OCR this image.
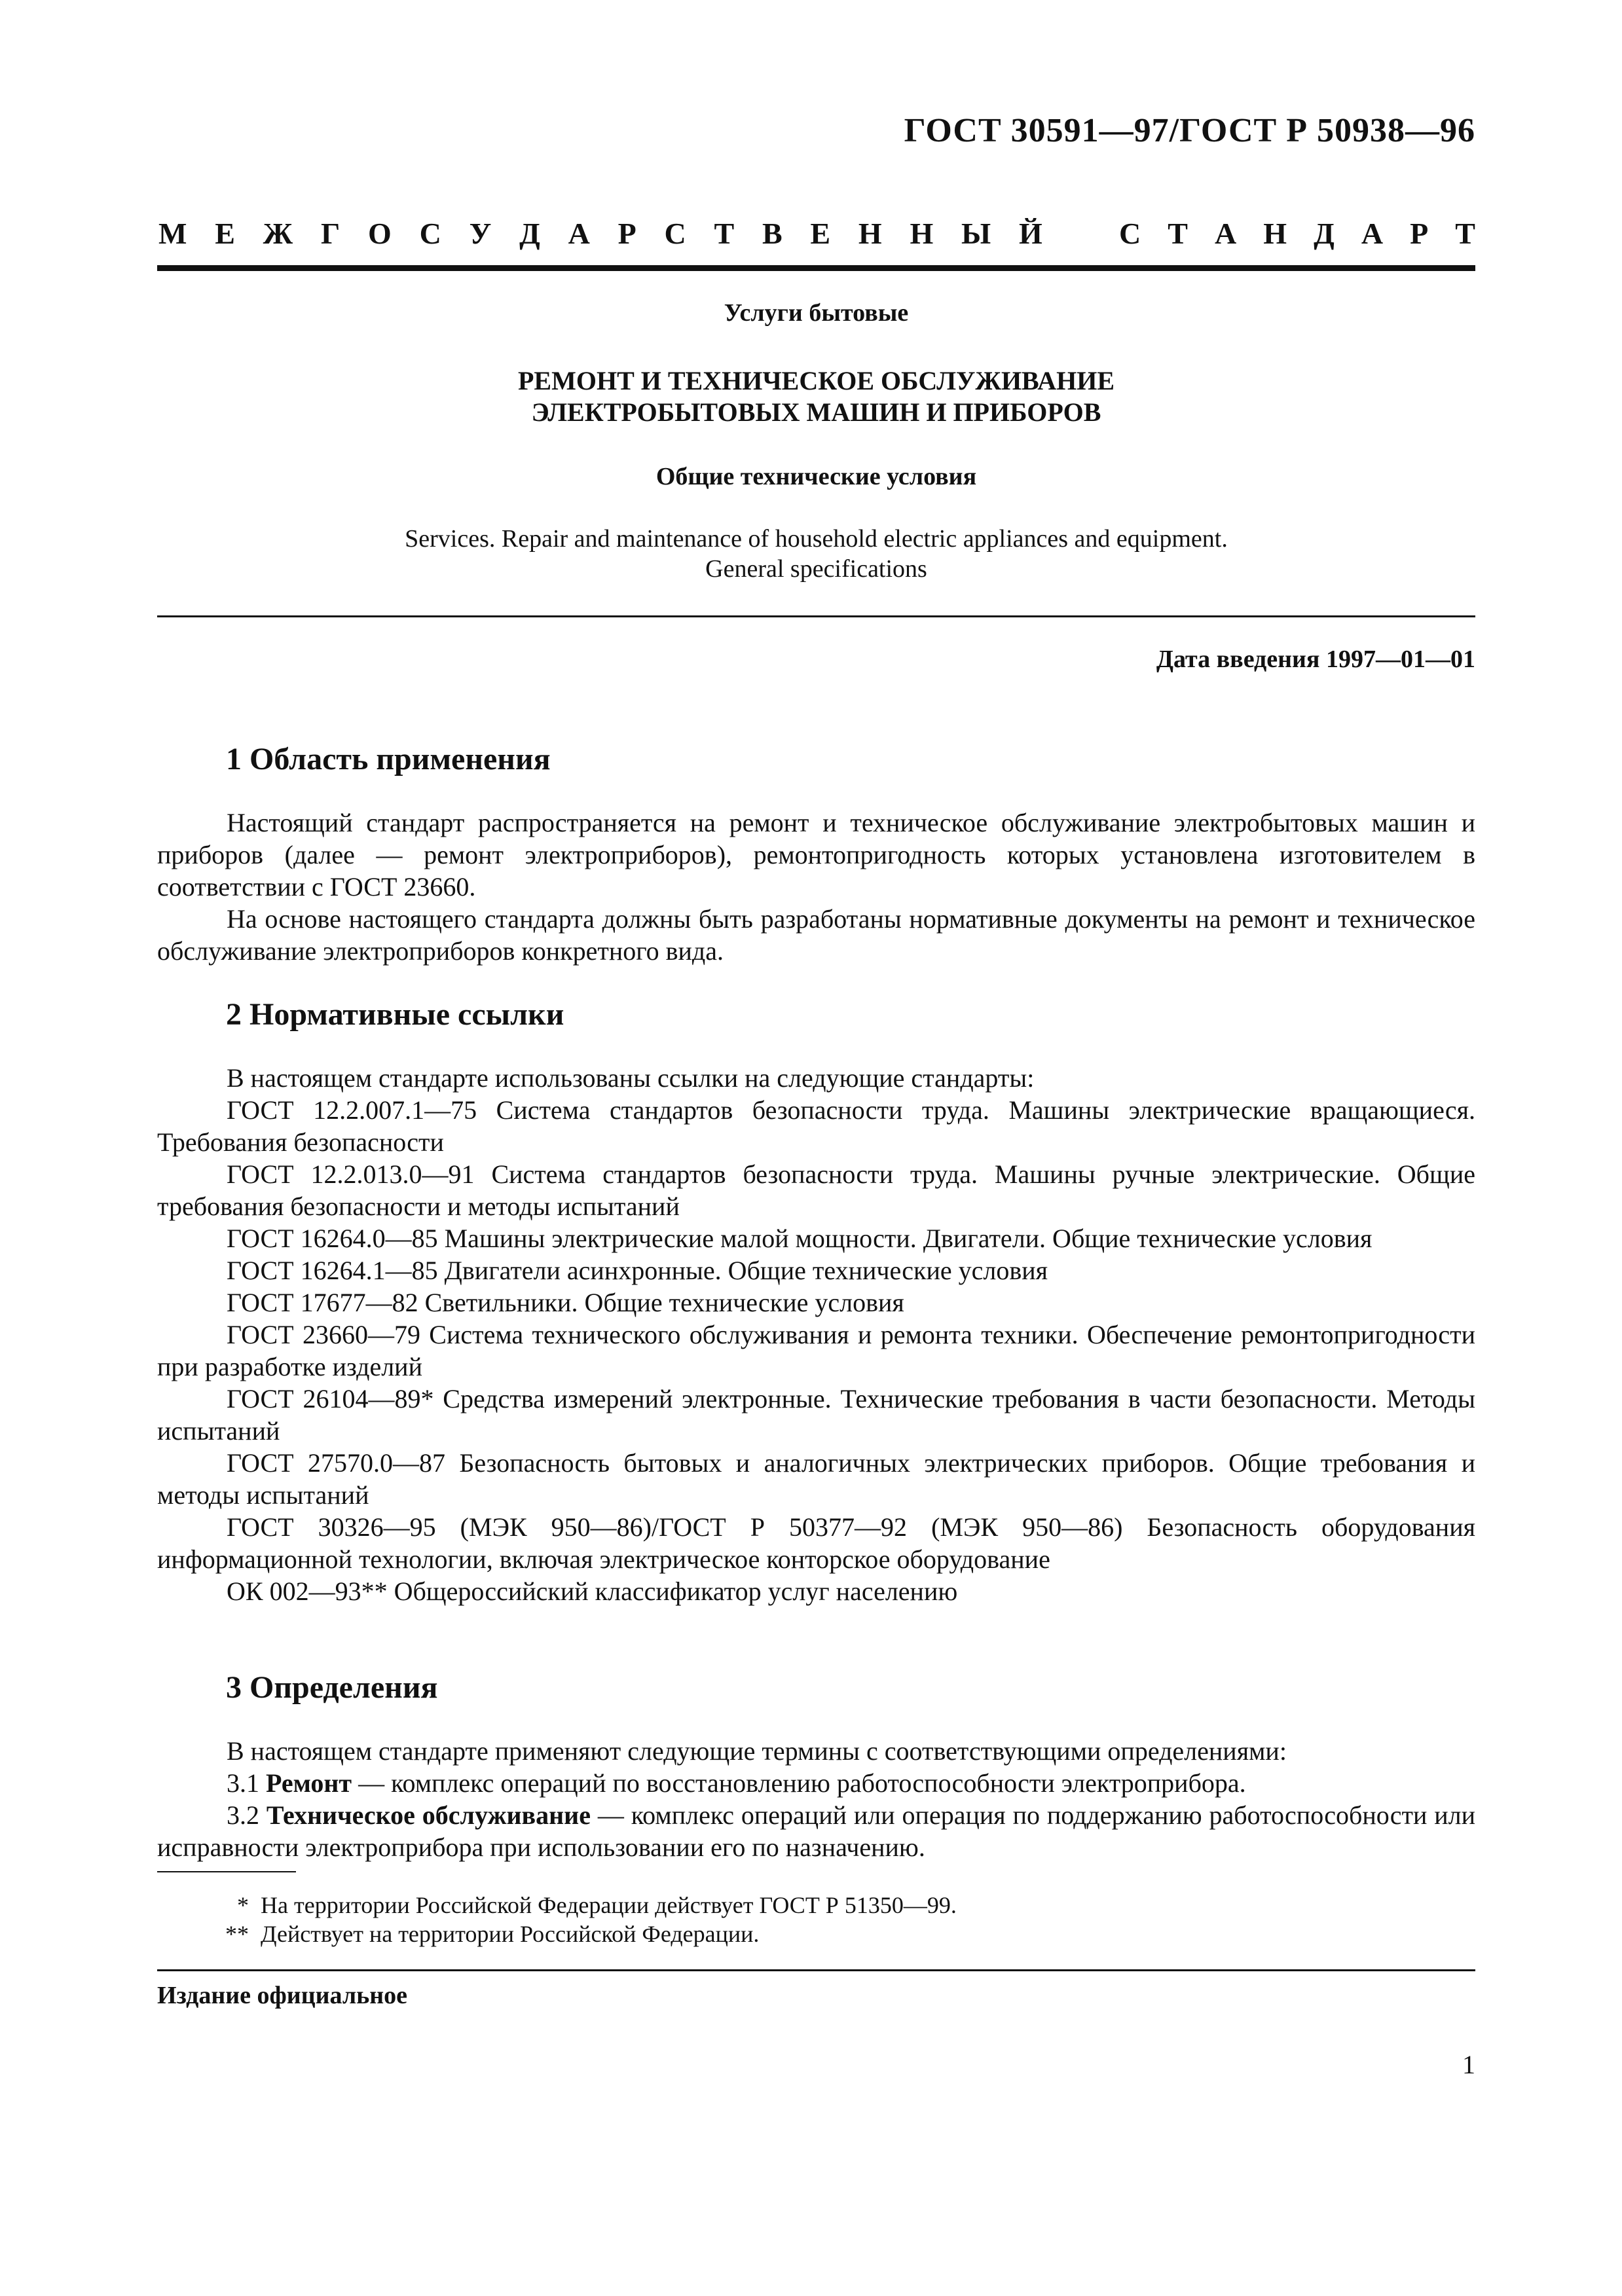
ГОСТ 30591—97/ГОСТ Р 50938—96
М Е Ж Г О С У Д А Р С Т В Е Н Н Ы Й	С Т А Н Д А Р Т
Услуги бытовые
РЕМОНТ И ТЕХНИЧЕСКОЕ ОБСЛУЖИВАНИЕ
ЭЛЕКТРОБЫТОВЫХ МАШИН И ПРИБОРОВ
Общие технические условия
Services. Repair and maintenance of household electric appliances and equipment.
General specifications
Дата введения 1997—01—01
1 Область применения

Настоящий стандарт распространяется на ремонт и техническое обслуживание электробытовых машин и приборов (далее — ремонт электроприборов), ремонтопригодность которых установлена изготовителем в соответствии с ГОСТ 23660.

На основе настоящего стандарта должны быть разработаны нормативные документы на ремонт и техническое обслуживание электроприборов конкретного вида.

2 Нормативные ссылки

В настоящем стандарте использованы ссылки на следующие стандарты:

ГОСТ 12.2.007.1—75 Система стандартов безопасности труда. Машины электрические вращающиеся. Требования безопасности

ГОСТ 12.2.013.0—91 Система стандартов безопасности труда. Машины ручные электрические. Общие требования безопасности и методы испытаний

ГОСТ 16264.0—85 Машины электрические малой мощности. Двигатели. Общие технические условия

ГОСТ 16264.1—85 Двигатели асинхронные. Общие технические условия

ГОСТ 17677—82 Светильники. Общие технические условия

ГОСТ 23660—79 Система технического обслуживания и ремонта техники. Обеспечение ремонтопригодности при разработке изделий

ГОСТ 26104—89* Средства измерений электронные. Технические требования в части безопасности. Методы испытаний

ГОСТ 27570.0—87 Безопасность бытовых и аналогичных электрических приборов. Общие требования и методы испытаний

ГОСТ 30326—95 (МЭК 950—86)/ГОСТ Р 50377—92 (МЭК 950—86) Безопасность оборудования информационной технологии, включая электрическое конторское оборудование

ОК 002—93** Общероссийский классификатор услуг населению

3 Определения

В настоящем стандарте применяют следующие термины с соответствующими определениями:

3.1 Ремонт — комплекс операций по восстановлению работоспособности электроприбора.

3.2 Техническое обслуживание — комплекс операций или операция по поддержанию работоспособности или исправности электроприбора при использовании его по назначению.

* На территории Российской Федерации действует ГОСТ Р 51350—99.
** Действует на территории Российской Федерации.
Издание официальное
1
